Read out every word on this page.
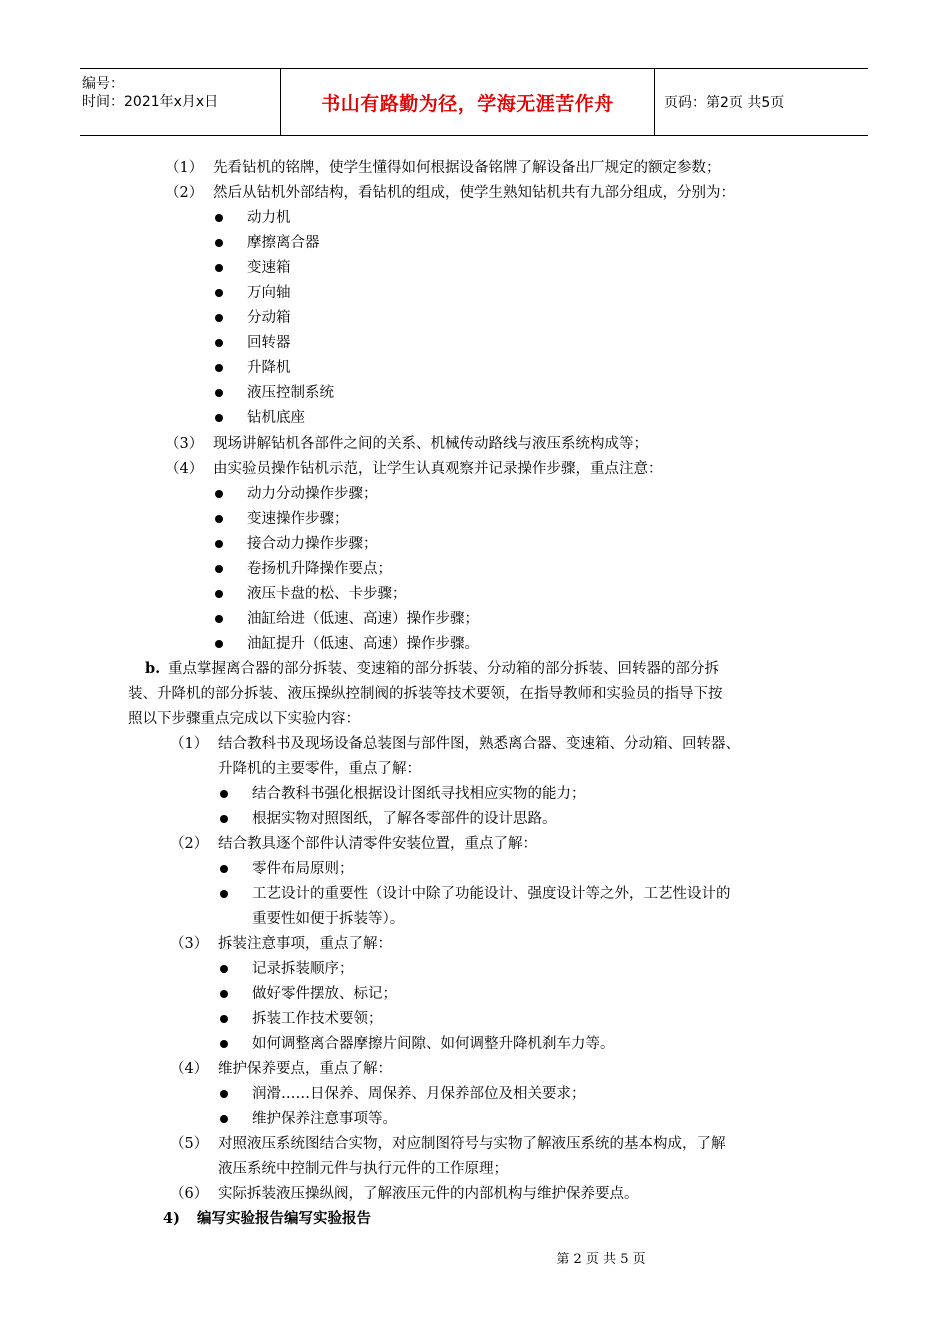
编号：
时间：2021年x月x日	书山有路勤为径，学海无涯苦作舟	页码：第2页 共5页
（1） 先看钻机的铭牌，使学生懂得如何根据设备铭牌了解设备出厂规定的额定参数；
（2） 然后从钻机外部结构，看钻机的组成，使学生熟知钻机共有九部分组成，分别为：
动力机
摩擦离合器
变速箱
万向轴
分动箱
回转器
升降机
液压控制系统
钻机底座
（3） 现场讲解钻机各部件之间的关系、机械传动路线与液压系统构成等；
（4） 由实验员操作钻机示范，让学生认真观察并记录操作步骤，重点注意：
动力分动操作步骤；
变速操作步骤；
接合动力操作步骤；
卷扬机升降操作要点；
液压卡盘的松、卡步骤；
油缸给进（低速、高速）操作步骤；
油缸提升（低速、高速）操作步骤。
b. 重点掌握离合器的部分拆装、变速箱的部分拆装、分动箱的部分拆装、回转器的部分拆
装、升降机的部分拆装、液压操纵控制阀的拆装等技术要领，在指导教师和实验员的指导下按
照以下步骤重点完成以下实验内容：
（1） 结合教科书及现场设备总装图与部件图，熟悉离合器、变速箱、分动箱、回转器、
升降机的主要零件，重点了解：
结合教科书强化根据设计图纸寻找相应实物的能力；
根据实物对照图纸，了解各零部件的设计思路。
（2） 结合教具逐个部件认清零件安装位置，重点了解：
零件布局原则；
工艺设计的重要性（设计中除了功能设计、强度设计等之外，工艺性设计的
重要性如便于拆装等）。
（3） 拆装注意事项，重点了解：
记录拆装顺序；
做好零件摆放、标记；
拆装工作技术要领；
如何调整离合器摩擦片间隙、如何调整升降机刹车力等。
（4） 维护保养要点，重点了解：
润滑……日保养、周保养、月保养部位及相关要求；
维护保养注意事项等。
（5） 对照液压系统图结合实物，对应制图符号与实物了解液压系统的基本构成，了解
液压系统中控制元件与执行元件的工作原理；
（6） 实际拆装液压操纵阀，了解液压元件的内部机构与维护保养要点。
4) 编写实验报告编写实验报告
第 2 页 共 5 页
